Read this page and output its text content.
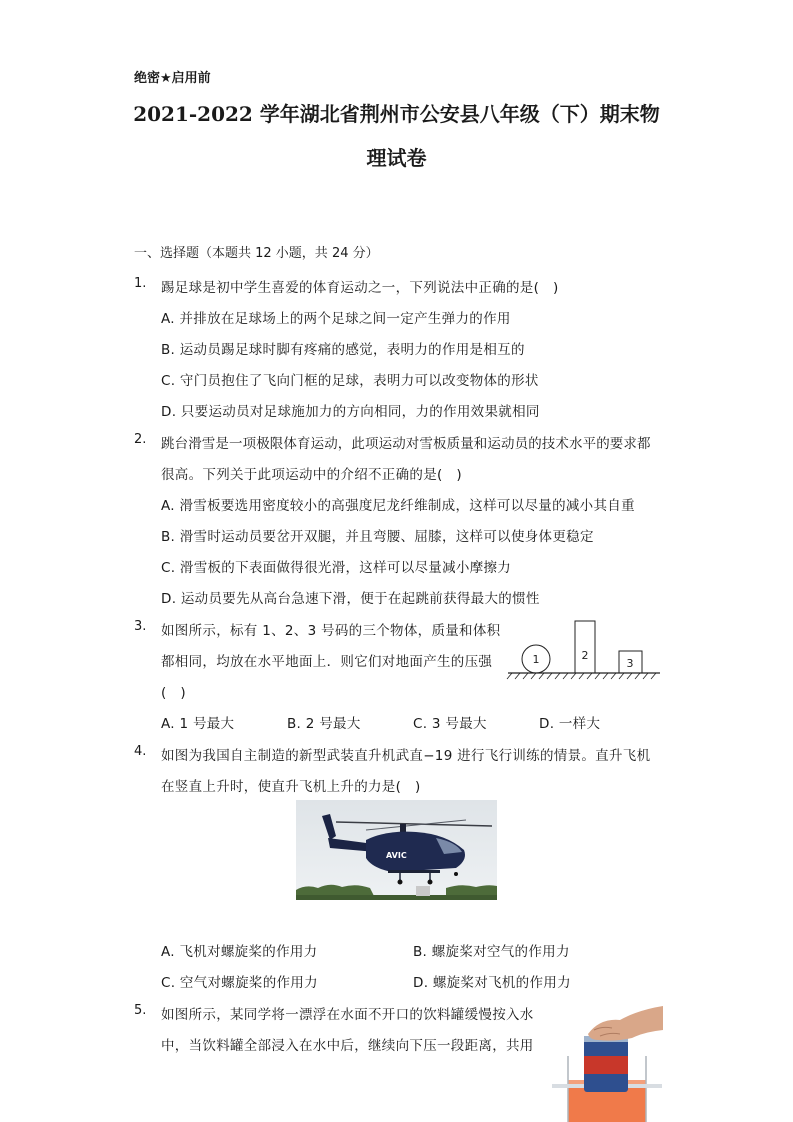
绝密★启用前
2021-2022 学年湖北省荆州市公安县八年级（下）期末物
理试卷
一、选择题（本题共 12 小题，共 24 分）
1. 踢足球是初中学生喜爱的体育运动之一，下列说法中正确的是(　)
A. 并排放在足球场上的两个足球之间一定产生弹力的作用
B. 运动员踢足球时脚有疼痛的感觉，表明力的作用是相互的
C. 守门员抱住了飞向门框的足球，表明力可以改变物体的形状
D. 只要运动员对足球施加力的方向相同，力的作用效果就相同
2. 跳台滑雪是一项极限体育运动，此项运动对雪板质量和运动员的技术水平的要求都
很高。下列关于此项运动中的介绍不正确的是(　)
A. 滑雪板要选用密度较小的高强度尼龙纤维制成，这样可以尽量的减小其自重
B. 滑雪时运动员要岔开双腿，并且弯腰、屈膝，这样可以使身体更稳定
C. 滑雪板的下表面做得很光滑，这样可以尽量减小摩擦力
D. 运动员要先从高台急速下滑，便于在起跳前获得最大的惯性
3. 如图所示，标有 1、2、3 号码的三个物体，质量和体积
都相同，均放在水平地面上．则它们对地面产生的压强
(　)
1	2
3
A. 1 号最大	B. 2 号最大	C. 3 号最大	D. 一样大
4. 如图为我国自主制造的新型武装直升机武直−19 进行飞行训练的情景。直升飞机
在竖直上升时，使直升飞机上升的力是(　)
AVIC
A. 飞机对螺旋桨的作用力	B. 螺旋桨对空气的作用力
C. 空气对螺旋桨的作用力	D. 螺旋桨对飞机的作用力
5. 如图所示，某同学将一漂浮在水面不开口的饮料罐缓慢按入水
中，当饮料罐全部浸入在水中后，继续向下压一段距离，共用
